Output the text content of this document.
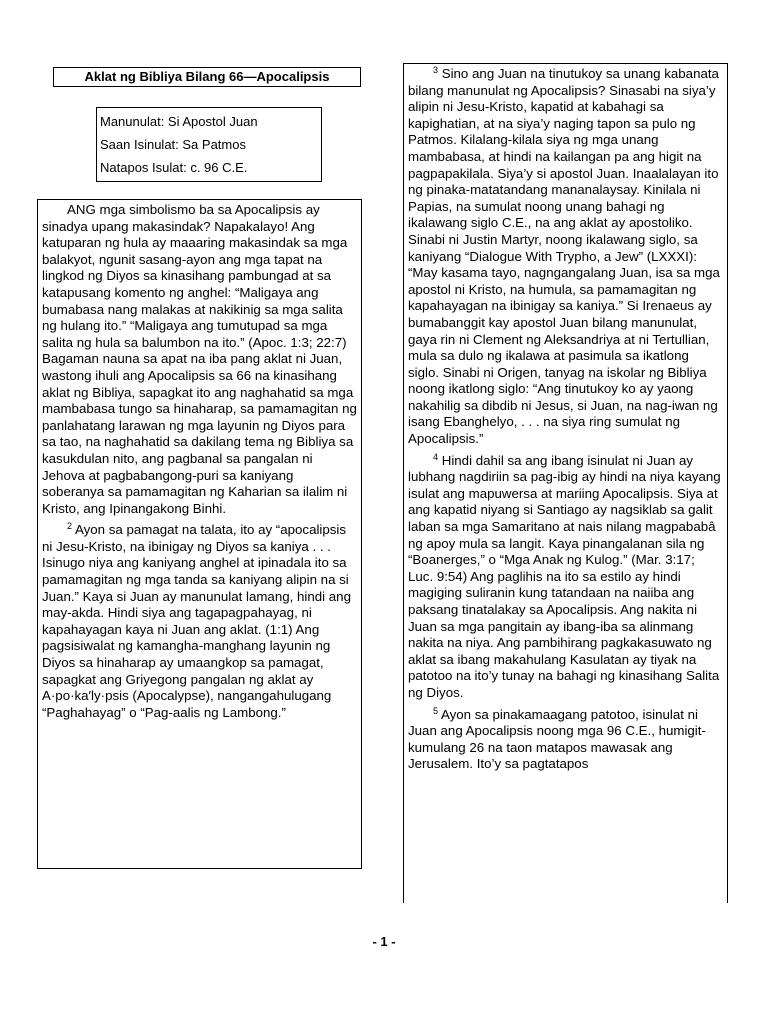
Aklat ng Bibliya Bilang 66—Apocalipsis
Manunulat: Si Apostol Juan
Saan Isinulat: Sa Patmos
Natapos Isulat: c. 96 C.E.

ANG mga simbolismo ba sa Apocalipsis ay sinadya upang makasindak? Napakalayo! Ang katuparan ng hula ay maaaring makasindak sa mga balakyot, ngunit sasang-ayon ang mga tapat na lingkod ng Diyos sa kinasihang pambungad at sa katapusang komento ng anghel: “Maligaya ang bumabasa nang malakas at nakikinig sa mga salita ng hulang ito.” “Maligaya ang tumutupad sa mga salita ng hula sa balumbon na ito.” (Apoc. 1:3; 22:7) Bagaman nauna sa apat na iba pang aklat ni Juan, wastong ihuli ang Apocalipsis sa 66 na kinasihang aklat ng Bibliya, sapagkat ito ang naghahatid sa mga mambabasa tungo sa hinaharap, sa pamamagitan ng panlahatang larawan ng mga layunin ng Diyos para sa tao, na naghahatid sa dakilang tema ng Bibliya sa kasukdulan nito, ang pagbanal sa pangalan ni Jehova at pagbabangong-puri sa kaniyang soberanya sa pamamagitan ng Kaharian sa ilalim ni Kristo, ang Ipinangakong Binhi.

$^2$ Ayon sa pamagat na talata, ito ay “apocalipsis ni Jesu-Kristo, na ibinigay ng Diyos sa kaniya . . . Isinugo niya ang kaniyang anghel at ipinadala ito sa pamamagitan ng mga tanda sa kaniyang alipin na si Juan.” Kaya si Juan ay manunulat lamang, hindi ang may-akda. Hindi siya ang tagapagpahayag, ni kapahayagan kaya ni Juan ang aklat. (1:1) Ang pagsisiwalat ng kamangha-manghang layunin ng Diyos sa hinaharap ay umaangkop sa pamagat, sapagkat ang Griyegong pangalan ng aklat ay A·po·ka′ly·psis (Apocalypse), nangangahulugang “Paghahayag” o “Pag-aalis ng Lambong.”

$^3$ Sino ang Juan na tinutukoy sa unang kabanata bilang manunulat ng Apocalipsis? Sinasabi na siya’y alipin ni Jesu-Kristo, kapatid at kabahagi sa kapighatian, at na siya’y naging tapon sa pulo ng Patmos. Kilalang-kilala siya ng mga unang mambabasa, at hindi na kailangan pa ang higit na pagpapakilala. Siya’y si apostol Juan. Inaalalayan ito ng pinaka-matatandang mananalaysay. Kinilala ni Papias, na sumulat noong unang bahagi ng ikalawang siglo C.E., na ang aklat ay apostoliko. Sinabi ni Justin Martyr, noong ikalawang siglo, sa kaniyang “Dialogue With Trypho, a Jew” (LXXXI): “May kasama tayo, nagngangalang Juan, isa sa mga apostol ni Kristo, na humula, sa pamamagitan ng kapahayagan na ibinigay sa kaniya.” Si Irenaeus ay bumabanggit kay apostol Juan bilang manunulat, gaya rin ni Clement ng Aleksandriya at ni Tertullian, mula sa dulo ng ikalawa at pasimula sa ikatlong siglo. Sinabi ni Origen, tanyag na iskolar ng Bibliya noong ikatlong siglo: “Ang tinutukoy ko ay yaong nakahilig sa dibdib ni Jesus, si Juan, na nag-iwan ng isang Ebanghelyo, . . . na siya ring sumulat ng Apocalipsis.”

$^4$ Hindi dahil sa ang ibang isinulat ni Juan ay lubhang nagdiriin sa pag-ibig ay hindi na niya kayang isulat ang mapuwersa at mariing Apocalipsis. Siya at ang kapatid niyang si Santiago ay nagsiklab sa galit laban sa mga Samaritano at nais nilang magpababâ ng apoy mula sa langit. Kaya pinangalanan sila ng “Boanerges,” o “Mga Anak ng Kulog.” (Mar. 3:17; Luc. 9:54) Ang paglihis na ito sa estilo ay hindi magiging suliranin kung tatandaan na naiiba ang paksang tinatalakay sa Apocalipsis. Ang nakita ni Juan sa mga pangitain ay ibang-iba sa alinmang nakita na niya. Ang pambihirang pagkakasuwato ng aklat sa ibang makahulang Kasulatan ay tiyak na patotoo na ito’y tunay na bahagi ng kinasihang Salita ng Diyos.

$^5$ Ayon sa pinakamaagang patotoo, isinulat ni Juan ang Apocalipsis noong mga 96 C.E., humigit-kumulang 26 na taon matapos mawasak ang Jerusalem. Ito’y sa pagtatapos

- 1 -
